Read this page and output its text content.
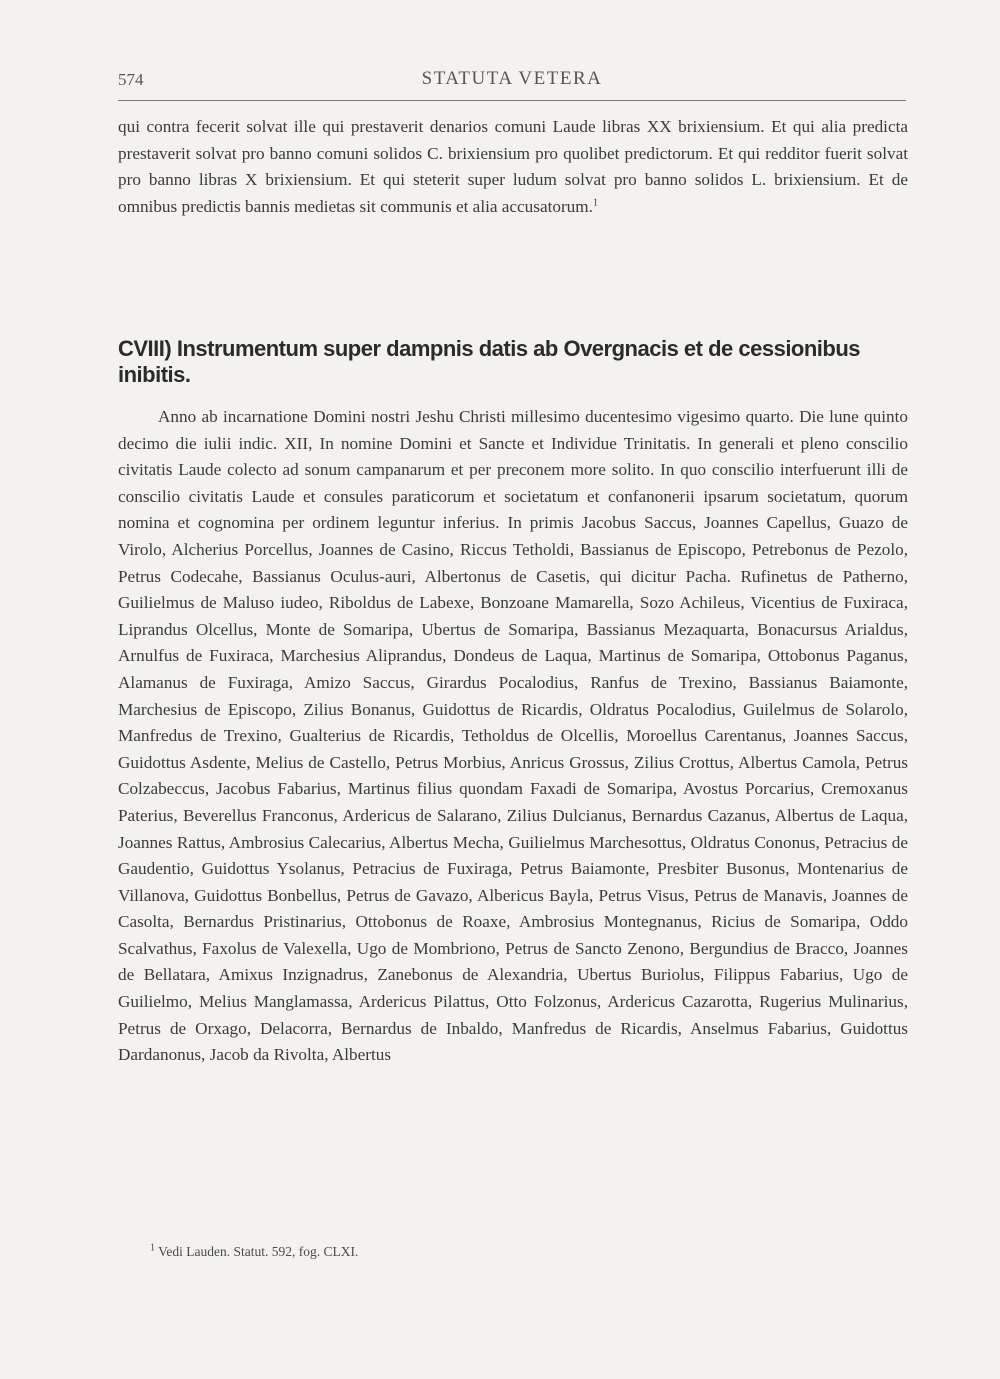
574	STATUTA VETERA

qui contra fecerit solvat ille qui prestaverit denarios comuni Laude libras XX brixiensium. Et qui alia predicta prestaverit solvat pro banno comuni solidos C. brixiensium pro quolibet predictorum. Et qui redditor fuerit solvat pro banno libras X brixiensium. Et qui steterit super ludum solvat pro banno solidos L. brixiensium. Et de omnibus predictis bannis medietas sit communis et alia accusatorum.$^1$

CVIII) Instrumentum super dampnis datis ab Overgnacis et de cessionibus inibitis.

Anno ab incarnatione Domini nostri Jeshu Christi millesimo ducentesimo vigesimo quarto. Die lune quinto decimo die iulii indic. XII, In nomine Domini et Sancte et Individue Trinitatis. In generali et pleno conscilio civitatis Laude colecto ad sonum campanarum et per preconem more solito. In quo conscilio interfuerunt illi de conscilio civitatis Laude et consules paraticorum et societatum et confanonerii ipsarum societatum, quorum nomina et cognomina per ordinem leguntur inferius. In primis Jacobus Saccus, Joannes Capellus, Guazo de Virolo, Alcherius Porcellus, Joannes de Casino, Riccus Tetholdi, Bassianus de Episcopo, Petrebonus de Pezolo, Petrus Codecahe, Bassianus Oculus-auri, Albertonus de Casetis, qui dicitur Pacha. Rufinetus de Patherno, Guilielmus de Maluso iudeo, Riboldus de Labexe, Bonzoane Mamarella, Sozo Achileus, Vicentius de Fuxiraca, Liprandus Olcellus, Monte de Somaripa, Ubertus de Somaripa, Bassianus Mezaquarta, Bonacursus Arialdus, Arnulfus de Fuxiraca, Marchesius Aliprandus, Dondeus de Laqua, Martinus de Somaripa, Ottobonus Paganus, Alamanus de Fuxiraga, Amizo Saccus, Girardus Pocalodius, Ranfus de Trexino, Bassianus Baiamonte, Marchesius de Episcopo, Zilius Bonanus, Guidottus de Ricardis, Oldratus Pocalodius, Guilelmus de Solarolo, Manfredus de Trexino, Gualterius de Ricardis, Tetholdus de Olcellis, Moroellus Carentanus, Joannes Saccus, Guidottus Asdente, Melius de Castello, Petrus Morbius, Anricus Grossus, Zilius Crottus, Albertus Camola, Petrus Colzabeccus, Jacobus Fabarius, Martinus filius quondam Faxadi de Somaripa, Avostus Porcarius, Cremoxanus Paterius, Beverellus Franconus, Ardericus de Salarano, Zilius Dulcianus, Bernardus Cazanus, Albertus de Laqua, Joannes Rattus, Ambrosius Calecarius, Albertus Mecha, Guilielmus Marchesottus, Oldratus Cononus, Petracius de Gaudentio, Guidottus Ysolanus, Petracius de Fuxiraga, Petrus Baiamonte, Presbiter Busonus, Montenarius de Villanova, Guidottus Bonbellus, Petrus de Gavazo, Albericus Bayla, Petrus Visus, Petrus de Manavis, Joannes de Casolta, Bernardus Pristinarius, Ottobonus de Roaxe, Ambrosius Montegnanus, Ricius de Somaripa, Oddo Scalvathus, Faxolus de Valexella, Ugo de Mombriono, Petrus de Sancto Zenono, Bergundius de Bracco, Joannes de Bellatara, Amixus Inzignadrus, Zanebonus de Alexandria, Ubertus Buriolus, Filippus Fabarius, Ugo de Guilielmo, Melius Manglamassa, Ardericus Pilattus, Otto Folzonus, Ardericus Cazarotta, Rugerius Mulinarius, Petrus de Orxago, Delacorra, Bernardus de Inbaldo, Manfredus de Ricardis, Anselmus Fabarius, Guidottus Dardanonus, Jacob da Rivolta, Albertus

$^1$ Vedi Lauden. Statut. 592, fog. CLXI.
